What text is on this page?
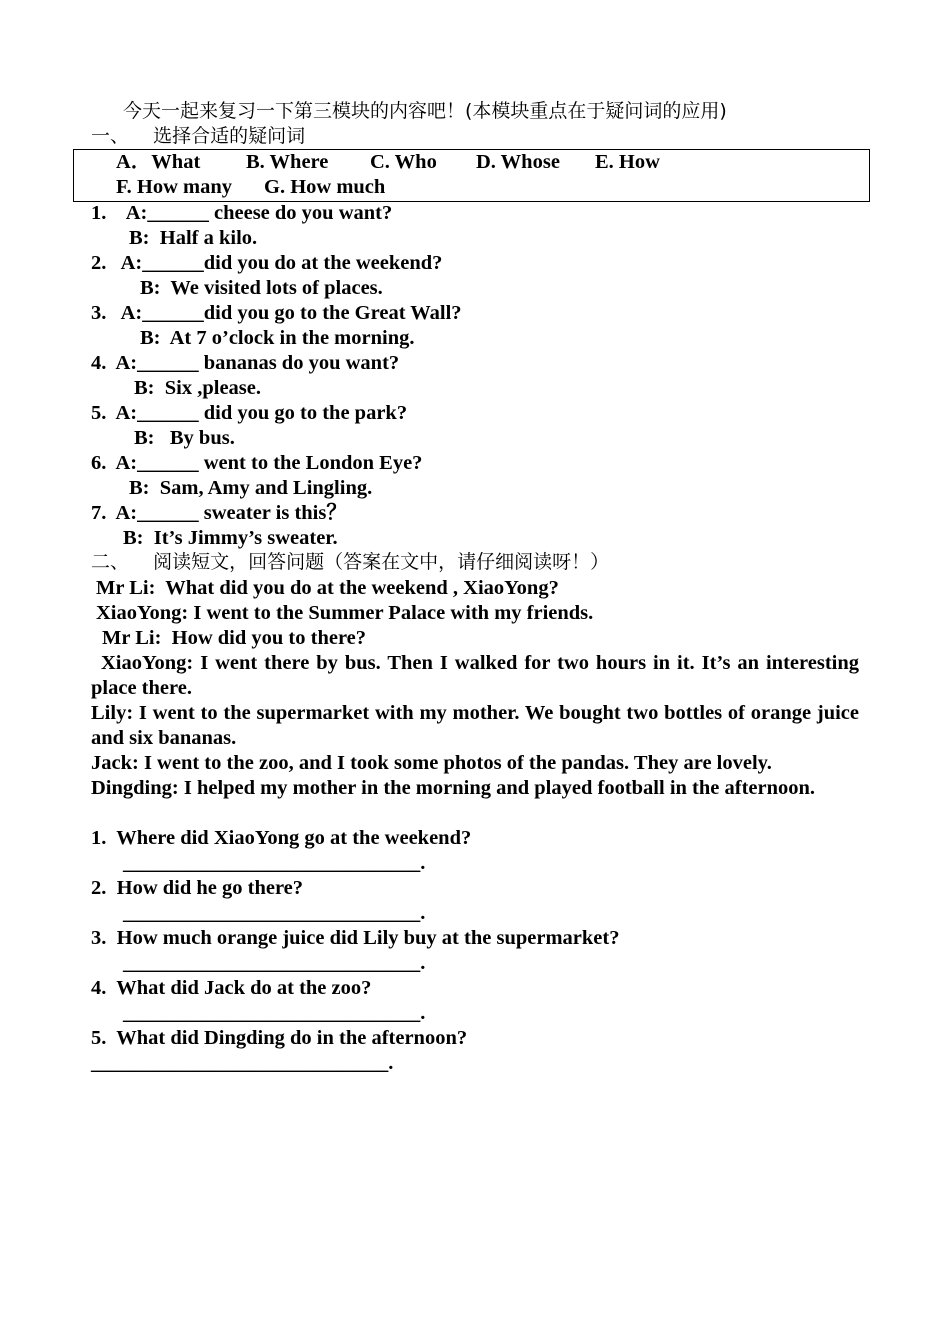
今天一起来复习一下第三模块的内容吧！(本模块重点在于疑问词的应用)
一、    选择合适的疑问词
A．What B. Where C. Who D. Whose E. How
F. How many G. How much
1.    A:______ cheese do you want?
B:  Half a kilo.
2.   A:______did you do at the weekend?
B:  We visited lots of places.
3.   A:______did you go to the Great Wall?
B:  At 7 o’clock in the morning.
4.  A:______ bananas do you want?
B:  Six ,please.
5.  A:______ did you go to the park?
B:   By bus.
6.  A:______ went to the London Eye?
B:  Sam, Amy and Lingling.
7.  A:______ sweater is this？
B:  It’s Jimmy’s sweater.
二、    阅读短文，回答问题（答案在文中，请仔细阅读呀！）
Mr Li:  What did you do at the weekend , XiaoYong?
XiaoYong: I went to the Summer Palace with my friends.
Mr Li:  How did you to there?
XiaoYong: I went there by bus. Then I walked for two hours in it. It’s an interesting place there.
Lily: I went to the supermarket with my mother. We bought two bottles of orange juice and six bananas.
Jack: I went to the zoo, and I took some photos of the pandas. They are lovely.
Dingding: I helped my mother in the morning and played football in the afternoon.
1.  Where did XiaoYong go at the weekend?
_____________________________.
2.  How did he go there?
_____________________________.
3.  How much orange juice did Lily buy at the supermarket?
_____________________________.
4.  What did Jack do at the zoo?
_____________________________.
5.  What did Dingding do in the afternoon?
_____________________________.
